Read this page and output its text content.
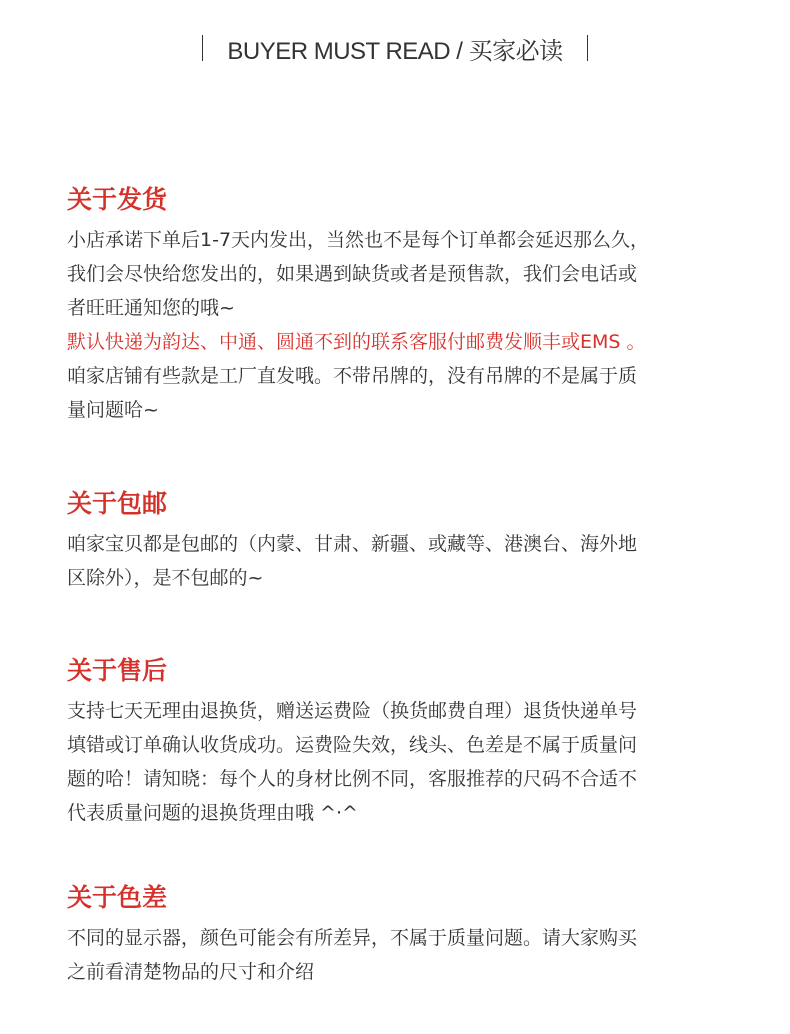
BUYER MUST READ / 买家必读
关于发货

小店承诺下单后1-7天内发出，当然也不是每个订单都会延迟那么久，

我们会尽快给您发出的，如果遇到缺货或者是预售款，我们会电话或

者旺旺通知您的哦~

默认快递为韵达、中通、圆通不到的联系客服付邮费发顺丰或EMS 。

咱家店铺有些款是工厂直发哦。不带吊牌的，没有吊牌的不是属于质

量问题哈~

关于包邮

咱家宝贝都是包邮的（内蒙、甘肃、新疆、或藏等、港澳台、海外地

区除外），是不包邮的~

关于售后

支持七天无理由退换货，赠送运费险（换货邮费自理）退货快递单号

填错或订单确认收货成功。运费险失效，线头、色差是不属于质量问

题的哈！请知晓：每个人的身材比例不同，客服推荐的尺码不合适不

代表质量问题的退换货理由哦 ^·^

关于色差

不同的显示器，颜色可能会有所差异，不属于质量问题。请大家购买

之前看清楚物品的尺寸和介绍
